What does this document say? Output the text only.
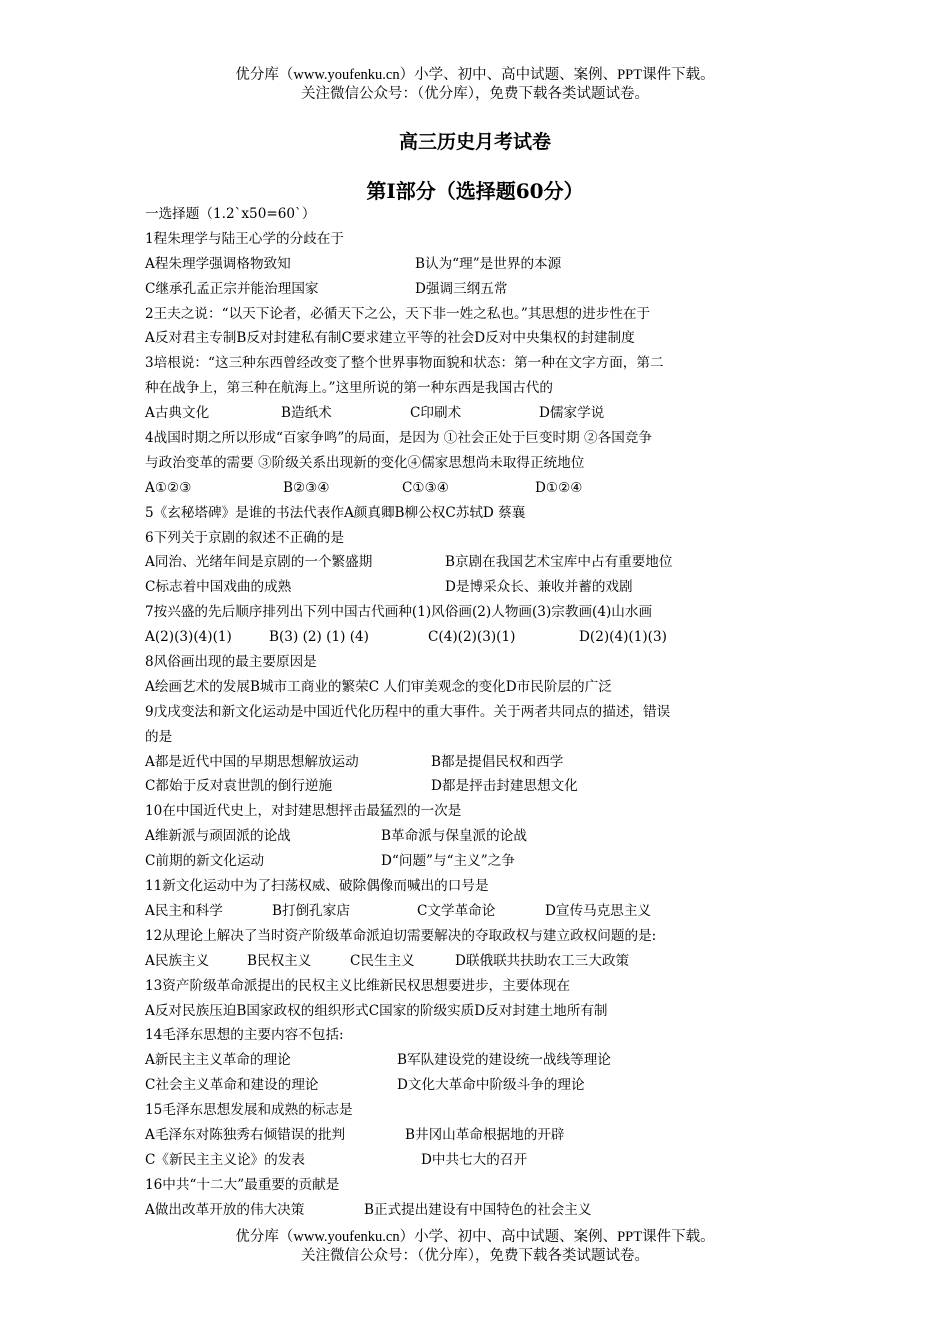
优分库（www.youfenku.cn）小学、初中、高中试题、案例、PPT课件下载。
关注微信公众号：（优分库），免费下载各类试题试卷。
高三历史月考试卷
第Ⅰ部分（选择题60分）
一选择题（1.2`x50=60`）
1程朱理学与陆王心学的分歧在于
A程朱理学强调格物致知	B认为“理”是世界的本源
C继承孔孟正宗并能治理国家	D强调三纲五常
2王夫之说：“以天下论者，必循天下之公，天下非一姓之私也。”其思想的进步性在于
A反对君主专制B反对封建私有制C要求建立平等的社会D反对中央集权的封建制度
3培根说：“这三种东西曾经改变了整个世界事物面貌和状态：第一种在文字方面，第二
种在战争上，第三种在航海上。”这里所说的第一种东西是我国古代的
A古典文化	B造纸术	C印刷术	D儒家学说
4战国时期之所以形成“百家争鸣”的局面，是因为 ①社会正处于巨变时期 ②各国竞争
与政治变革的需要 ③阶级关系出现新的变化④儒家思想尚未取得正统地位
A①②③	B②③④	C①③④	D①②④
5《玄秘塔碑》是谁的书法代表作A颜真卿B柳公权C苏轼D 蔡襄
6下列关于京剧的叙述不正确的是
A同治、光绪年间是京剧的一个繁盛期	B京剧在我国艺术宝库中占有重要地位
C标志着中国戏曲的成熟	D是博采众长、兼收并蓄的戏剧
7按兴盛的先后顺序排列出下列中国古代画种(1)风俗画(2)人物画(3)宗教画(4)山水画
A(2)(3)(4)(1)	B(3) (2) (1) (4)	C(4)(2)(3)(1)	D(2)(4)(1)(3)
8风俗画出现的最主要原因是
A绘画艺术的发展B城市工商业的繁荣C 人们审美观念的变化D市民阶层的广泛
9戊戌变法和新文化运动是中国近代化历程中的重大事件。关于两者共同点的描述，错误
的是
A都是近代中国的早期思想解放运动	B都是提倡民权和西学
C都始于反对袁世凯的倒行逆施	D都是抨击封建思想文化
10在中国近代史上，对封建思想抨击最猛烈的一次是
A维新派与顽固派的论战	B革命派与保皇派的论战
C前期的新文化运动	D“问题”与“主义”之争
11新文化运动中为了扫荡权威、破除偶像而喊出的口号是
A民主和科学	B打倒孔家店	C文学革命论	D宣传马克思主义
12从理论上解决了当时资产阶级革命派迫切需要解决的夺取政权与建立政权问题的是:
A民族主义	B民权主义	C民生主义	D联俄联共扶助农工三大政策
13资产阶级革命派提出的民权主义比维新民权思想要进步，主要体现在
A反对民族压迫B国家政权的组织形式C国家的阶级实质D反对封建土地所有制
14毛泽东思想的主要内容不包括:
A新民主主义革命的理论	B军队建设党的建设统一战线等理论
C社会主义革命和建设的理论	D文化大革命中阶级斗争的理论
15毛泽东思想发展和成熟的标志是
A毛泽东对陈独秀右倾错误的批判	B井冈山革命根据地的开辟
C《新民主主义论》的发表	D中共七大的召开
16中共“十二大”最重要的贡献是
A做出改革开放的伟大决策	B正式提出建设有中国特色的社会主义
优分库（www.youfenku.cn）小学、初中、高中试题、案例、PPT课件下载。
关注微信公众号：（优分库），免费下载各类试题试卷。
